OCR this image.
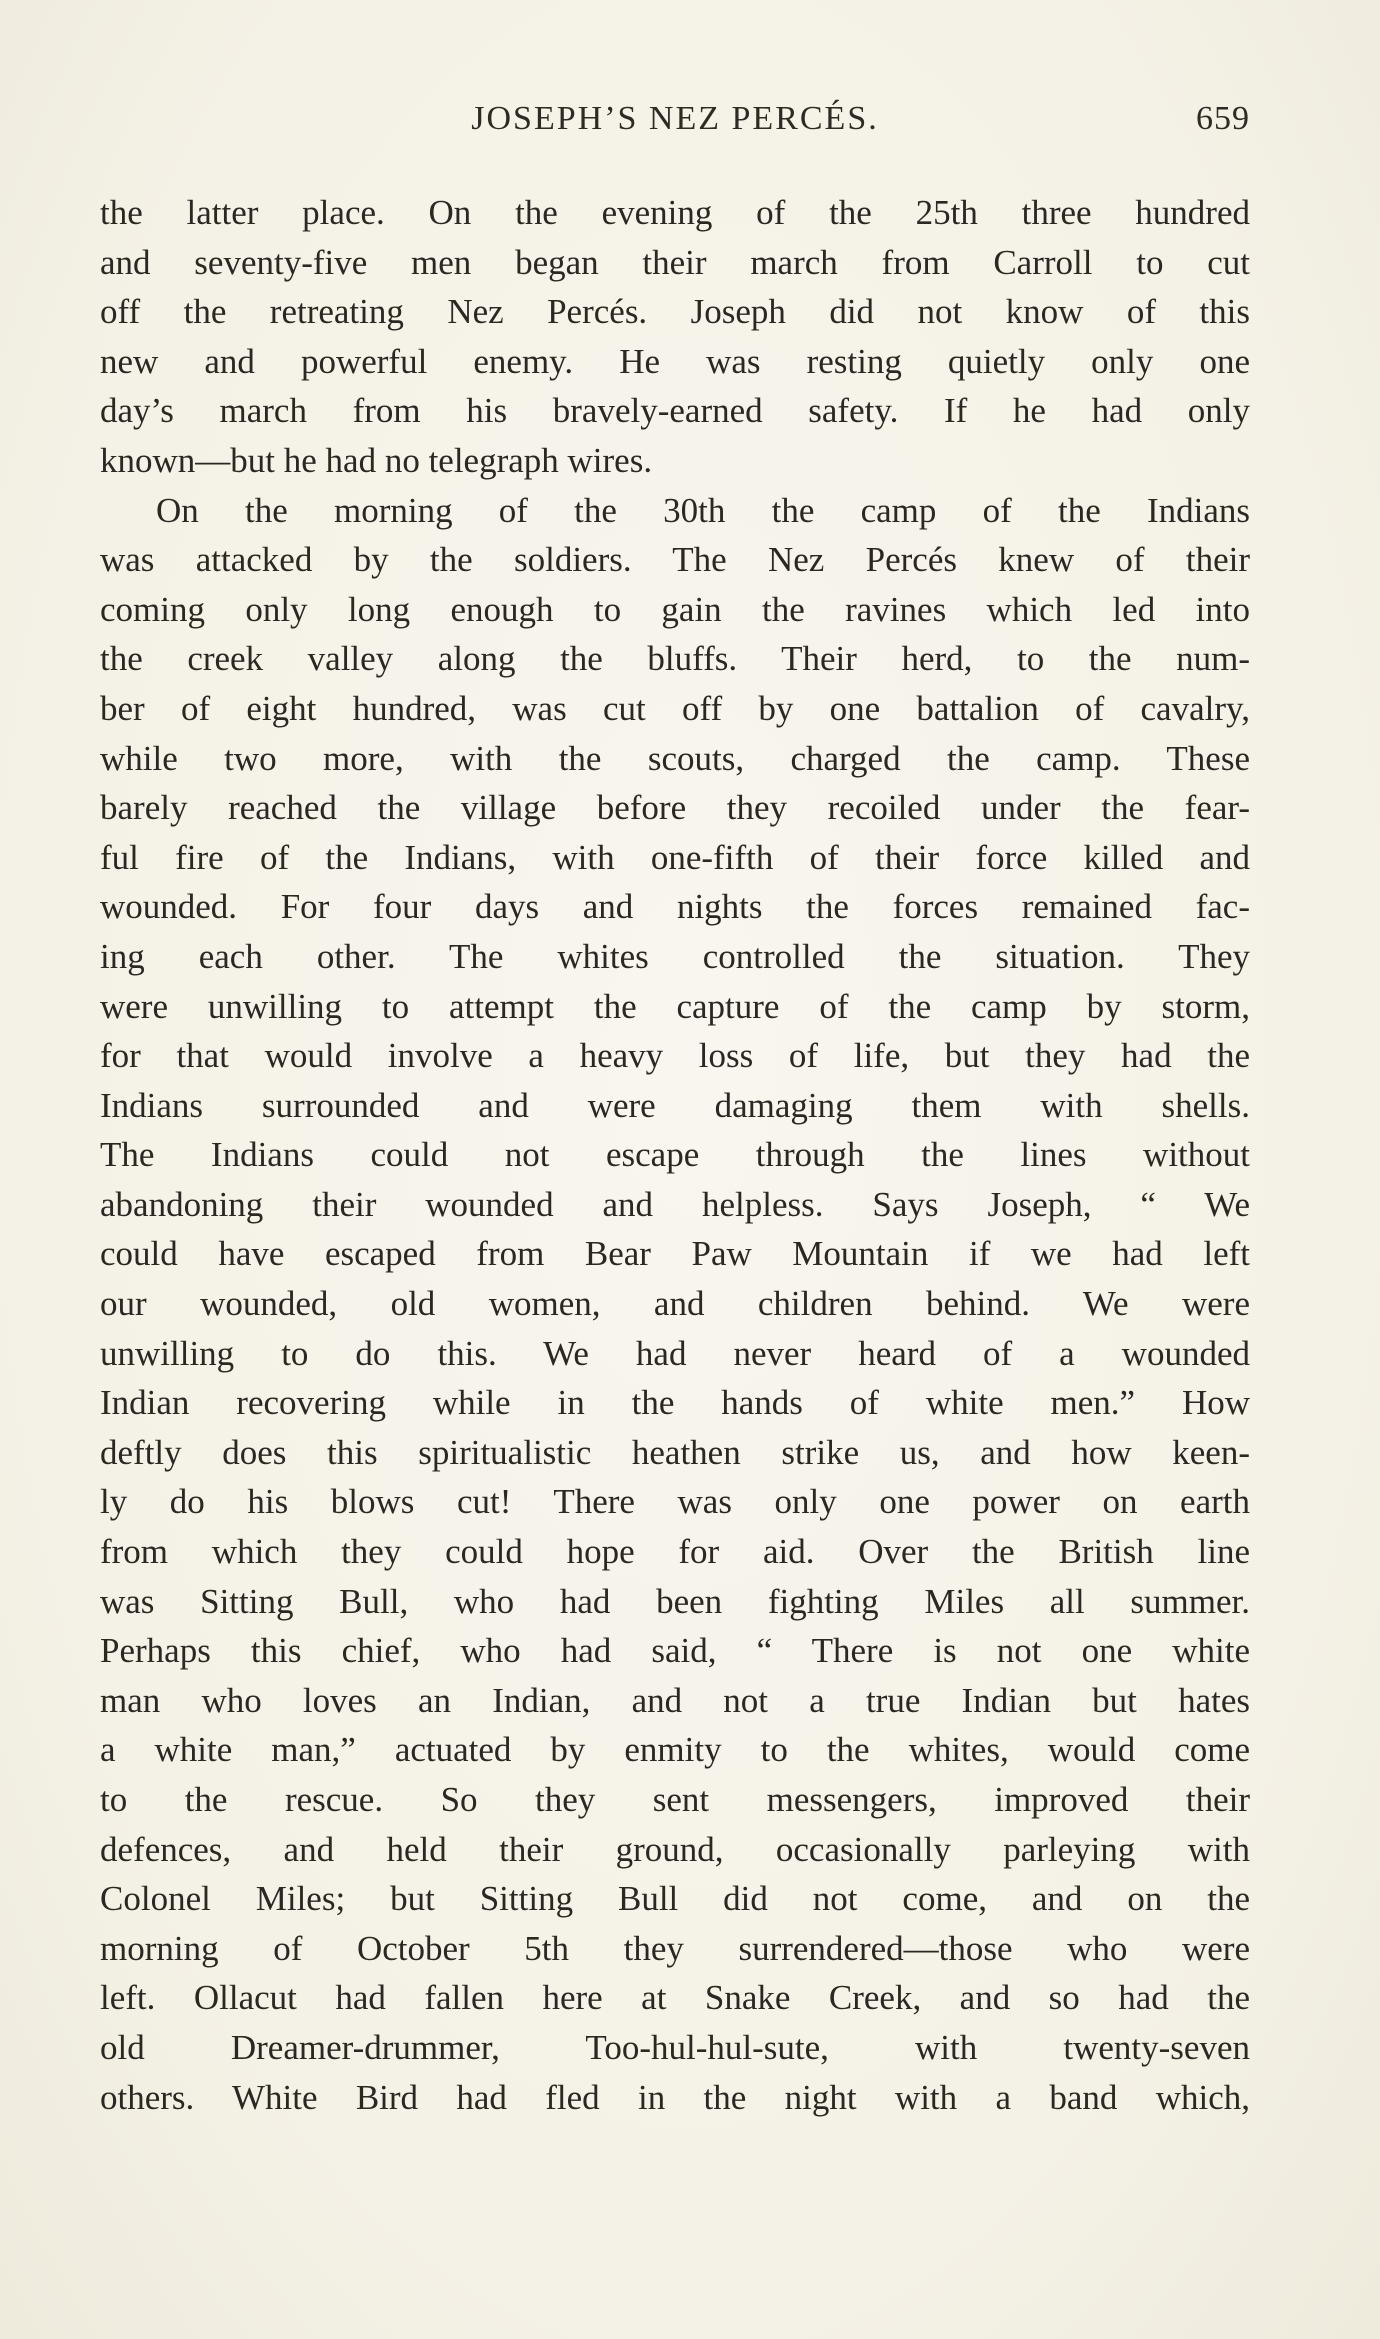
JOSEPH’S NEZ PERCÉS.	659
the latter place. On the evening of the 25th three hundred
and seventy-five men began their march from Carroll to cut
off the retreating Nez Percés. Joseph did not know of this
new and powerful enemy. He was resting quietly only one
day’s march from his bravely-earned safety. If he had only
known—but he had no telegraph wires.
On the morning of the 30th the camp of the Indians
was attacked by the soldiers. The Nez Percés knew of their
coming only long enough to gain the ravines which led into
the creek valley along the bluffs. Their herd, to the num-
ber of eight hundred, was cut off by one battalion of cavalry,
while two more, with the scouts, charged the camp. These
barely reached the village before they recoiled under the fear-
ful fire of the Indians, with one-fifth of their force killed and
wounded. For four days and nights the forces remained fac-
ing each other. The whites controlled the situation. They
were unwilling to attempt the capture of the camp by storm,
for that would involve a heavy loss of life, but they had the
Indians surrounded and were damaging them with shells.
The Indians could not escape through the lines without
abandoning their wounded and helpless. Says Joseph, “ We
could have escaped from Bear Paw Mountain if we had left
our wounded, old women, and children behind. We were
unwilling to do this. We had never heard of a wounded
Indian recovering while in the hands of white men.” How
deftly does this spiritualistic heathen strike us, and how keen-
ly do his blows cut! There was only one power on earth
from which they could hope for aid. Over the British line
was Sitting Bull, who had been fighting Miles all summer.
Perhaps this chief, who had said, “ There is not one white
man who loves an Indian, and not a true Indian but hates
a white man,” actuated by enmity to the whites, would come
to the rescue. So they sent messengers, improved their
defences, and held their ground, occasionally parleying with
Colonel Miles; but Sitting Bull did not come, and on the
morning of October 5th they surrendered—those who were
left. Ollacut had fallen here at Snake Creek, and so had the
old Dreamer-drummer, Too-hul-hul-sute, with twenty-seven
others. White Bird had fled in the night with a band which,
